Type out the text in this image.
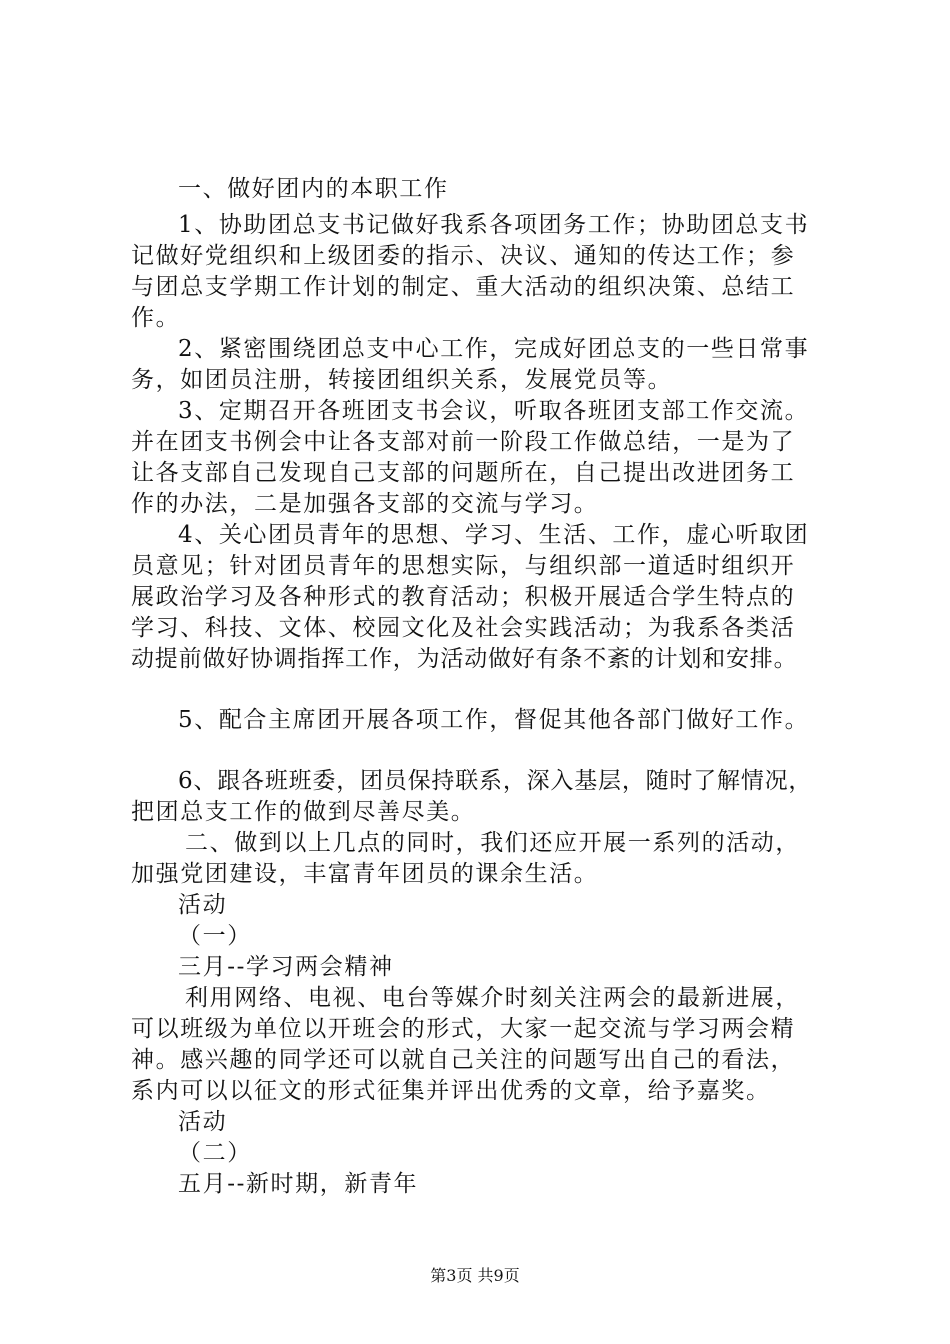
一、做好团内的本职工作
1、协助团总支书记做好我系各项团务工作；协助团总支书
记做好党组织和上级团委的指示、决议、通知的传达工作；参
与团总支学期工作计划的制定、重大活动的组织决策、总结工
作。
2、紧密围绕团总支中心工作，完成好团总支的一些日常事
务，如团员注册，转接团组织关系，发展党员等。
3、定期召开各班团支书会议，听取各班团支部工作交流。
并在团支书例会中让各支部对前一阶段工作做总结，一是为了
让各支部自己发现自己支部的问题所在，自己提出改进团务工
作的办法，二是加强各支部的交流与学习。
4、关心团员青年的思想、学习、生活、工作，虚心听取团
员意见；针对团员青年的思想实际，与组织部一道适时组织开
展政治学习及各种形式的教育活动；积极开展适合学生特点的
学习、科技、文体、校园文化及社会实践活动；为我系各类活
动提前做好协调指挥工作，为活动做好有条不紊的计划和安排。
5、配合主席团开展各项工作，督促其他各部门做好工作。
6、跟各班班委，团员保持联系，深入基层，随时了解情况，
把团总支工作的做到尽善尽美。
二、做到以上几点的同时，我们还应开展一系列的活动，
加强党团建设，丰富青年团员的课余生活。
活动
（一）
三月--学习两会精神
利用网络、电视、电台等媒介时刻关注两会的最新进展，
可以班级为单位以开班会的形式，大家一起交流与学习两会精
神。感兴趣的同学还可以就自己关注的问题写出自己的看法，
系内可以以征文的形式征集并评出优秀的文章，给予嘉奖。
活动
（二）
五月--新时期，新青年
第3页 共9页
